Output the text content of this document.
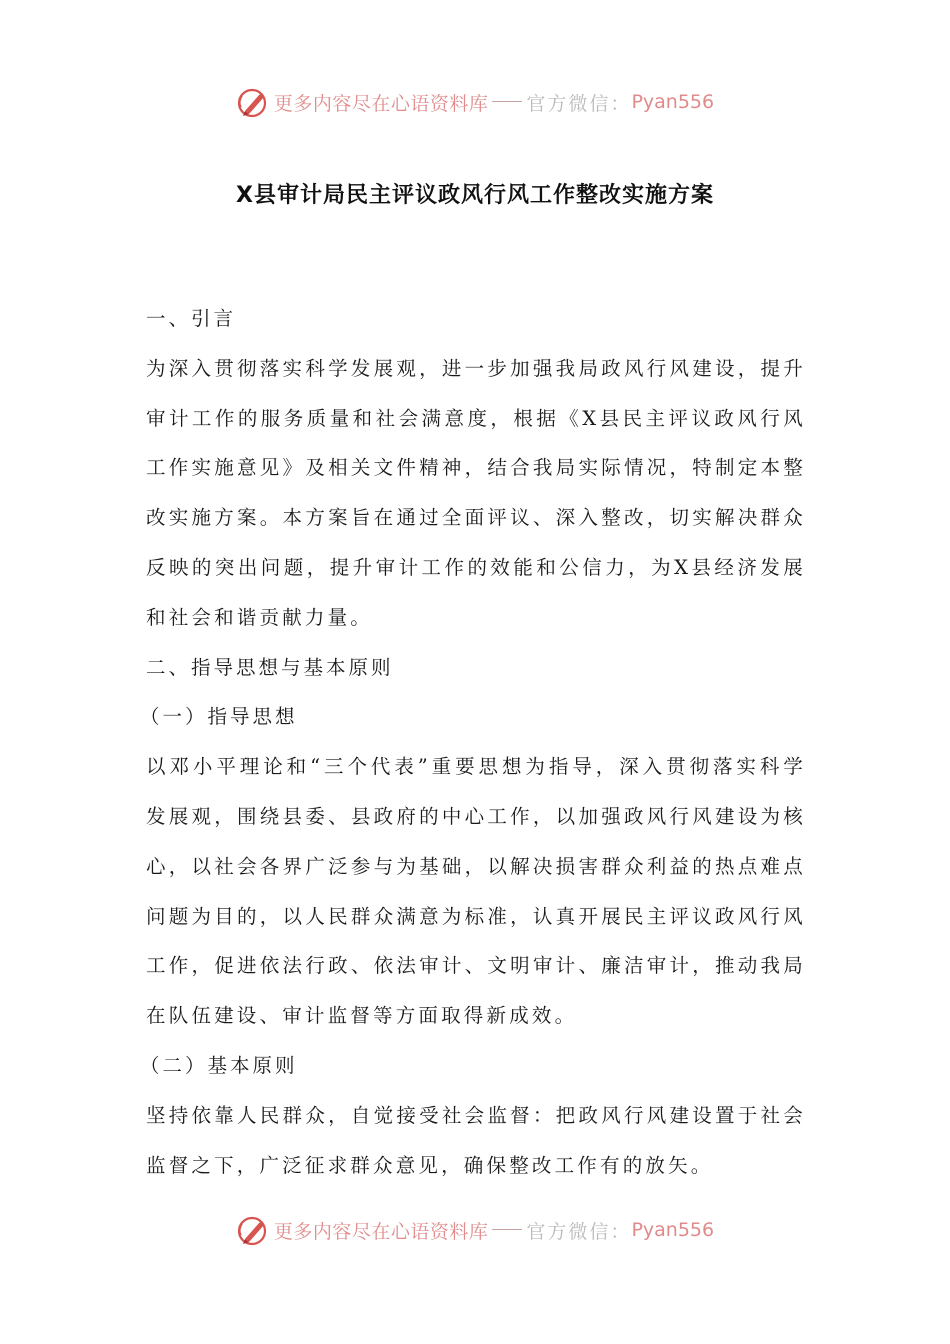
更多内容尽在心语资料库 官方微信： Pyan556
X县审计局民主评议政风行风工作整改实施方案

一、引言

为深入贯彻落实科学发展观，进一步加强我局政风行风建设，提升审计工作的服务质量和社会满意度，根据《X县民主评议政风行风工作实施意见》及相关文件精神，结合我局实际情况，特制定本整改实施方案。本方案旨在通过全面评议、深入整改，切实解决群众反映的突出问题，提升审计工作的效能和公信力，为X县经济发展和社会和谐贡献力量。

二、指导思想与基本原则

（一）指导思想

以邓小平理论和“三个代表”重要思想为指导，深入贯彻落实科学发展观，围绕县委、县政府的中心工作，以加强政风行风建设为核心，以社会各界广泛参与为基础，以解决损害群众利益的热点难点问题为目的，以人民群众满意为标准，认真开展民主评议政风行风工作，促进依法行政、依法审计、文明审计、廉洁审计，推动我局在队伍建设、审计监督等方面取得新成效。

（二）基本原则

坚持依靠人民群众，自觉接受社会监督：把政风行风建设置于社会监督之下，广泛征求群众意见，确保整改工作有的放矢。

更多内容尽在心语资料库 官方微信： Pyan556
